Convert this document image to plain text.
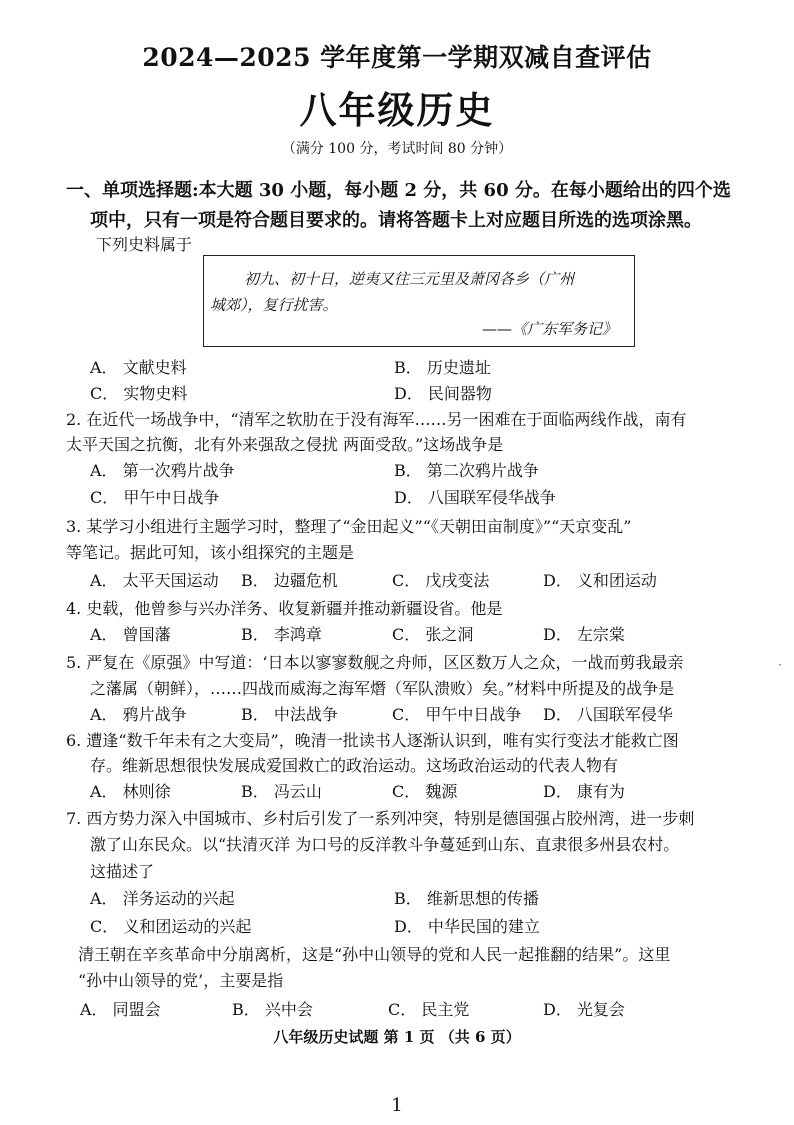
2024—2025 学年度第一学期双减自查评估
八年级历史
（满分 100 分，考试时间 80 分钟）
一、单项选择题:本大题 30 小题，每小题 2 分，共 60 分。在每小题给出的四个选
项中，只有一项是符合题目要求的。请将答题卡上对应题目所选的选项涂黑。
下列史料属于
初九、初十日，逆夷又往三元里及萧冈各乡（广州
城郊），复行扰害。
——《广东军务记》
A． 文献史料	B． 历史遗址
C． 实物史料	D． 民间器物
2. 在近代一场战争中，“清军之软肋在于没有海军……另一困难在于面临两线作战，南有
太平天国之抗衡，北有外来强敌之侵扰 两面受敌。”这场战争是
A． 第一次鸦片战争	B． 第二次鸦片战争
C． 甲午中日战争	D． 八国联军侵华战争
3. 某学习小组进行主题学习时，整理了“金田起义”“《天朝田亩制度》”“天京变乱”
等笔记。据此可知，该小组探究的主题是
A． 太平天国运动 B． 边疆危机	C． 戊戌变法	D． 义和团运动
4. 史载，他曾参与兴办洋务、收复新疆并推动新疆设省。他是
A． 曾国藩	B． 李鸿章	C． 张之洞	D． 左宗棠
5. 严复在《原强》中写道：‘日本以寥寥数舰之舟师，区区数万人之众，一战而剪我最亲
之藩属（朝鲜），……四战而威海之海军熸（军队溃败）矣。”材料中所提及的战争是
A． 鸦片战争	B． 中法战争	C． 甲午中日战争 D． 八国联军侵华
·
6. 遭逢“数千年未有之大变局”，晚清一批读书人逐渐认识到，唯有实行变法才能救亡图
存。维新思想很快发展成爱国救亡的政治运动。这场政治运动的代表人物有
A． 林则徐	B． 冯云山	C． 魏源	D． 康有为
7. 西方势力深入中国城市、乡村后引发了一系列冲突，特别是德国强占胶州湾，进一步刺
激了山东民众。以“扶清灭洋 为口号的反洋教斗争蔓延到山东、直隶很多州县农村。
这描述了
A． 洋务运动的兴起	B． 维新思想的传播
C． 义和团运动的兴起	D． 中华民国的建立
清王朝在辛亥革命中分崩离析，这是“孙中山领导的党和人民一起推翻的结果”。这里
“孙中山领导的党’，主要是指
A． 同盟会	B． 兴中会	C． 民主党	D． 光复会
八年级历史试题 第 1 页 （共 6 页）
1
